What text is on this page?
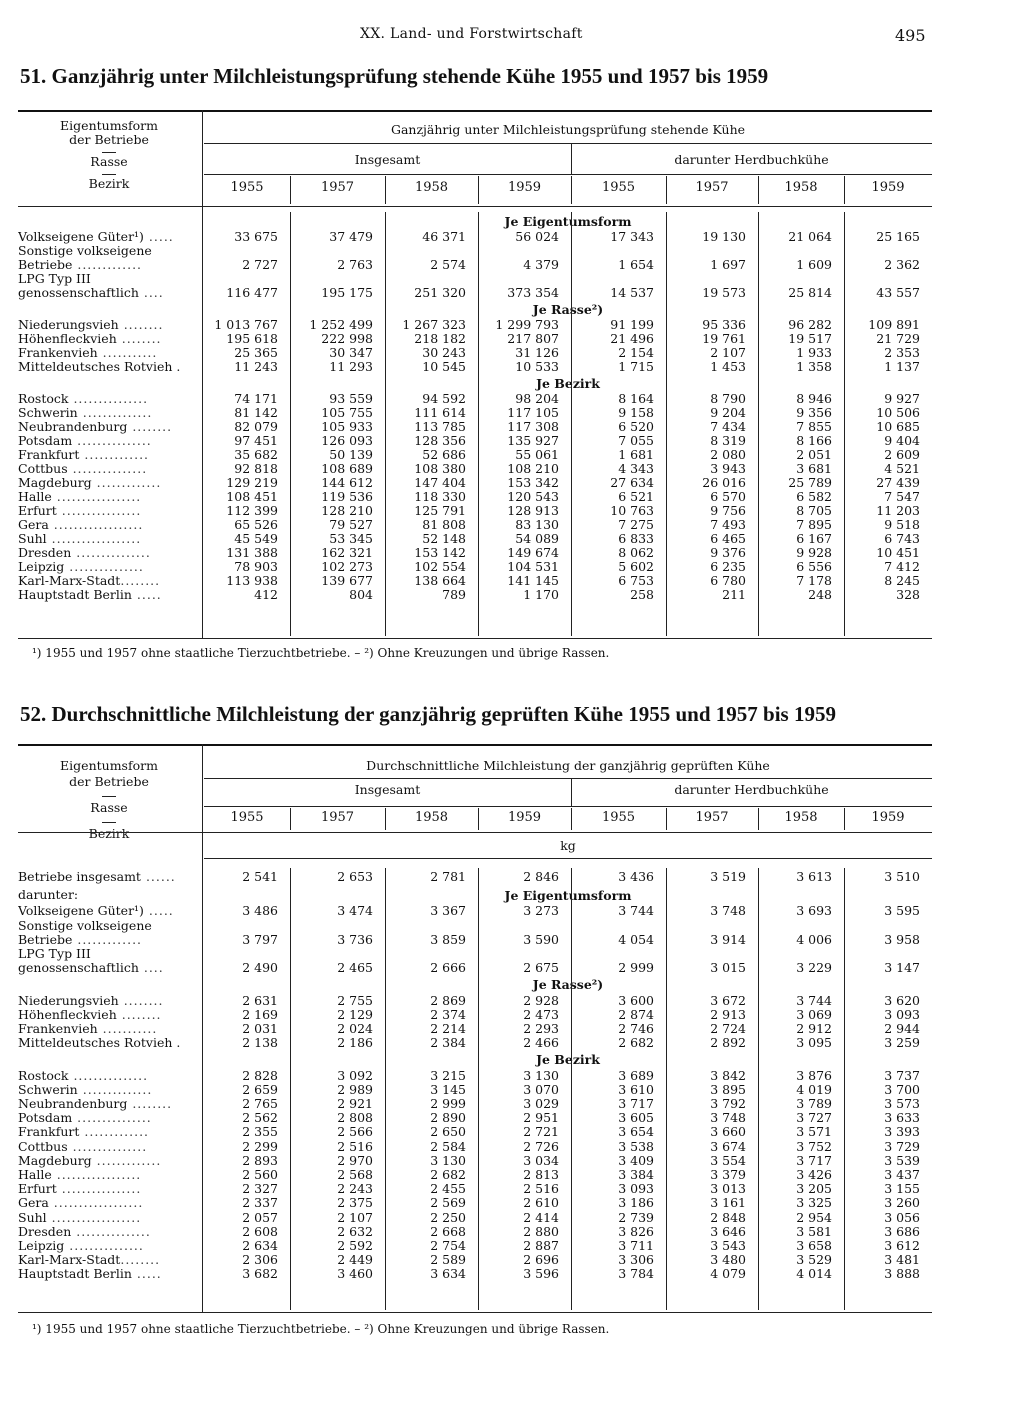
XX. Land- und Forstwirtschaft	495
51. Ganzjährig unter Milchleistungsprüfung stehende Kühe 1955 und 1957 bis 1959
Eigentumsform
der Betriebe
Rasse
Bezirk
Ganzjährig unter Milchleistungsprüfung stehende Kühe
Insgesamt	darunter Herdbuchkühe
1955	1957	1958	1959	1955	1957	1958	1959
Je Eigentumsform
Volkseigene Güter¹) .....	33 675	37 479	46 371	56 024	17 343	19 130	21 064	25 165
Sonstige volkseigene
Betriebe .............	2 727	2 763	2 574	4 379	1 654	1 697	1 609	2 362
LPG Typ III
genossenschaftlich ....	116 477	195 175	251 320	373 354	14 537	19 573	25 814	43 557
Je Rasse²)
Niederungsvieh ........	1 013 767	1 252 499	1 267 323	1 299 793	91 199	95 336	96 282	109 891
Höhenfleckvieh ........	195 618	222 998	218 182	217 807	21 496	19 761	19 517	21 729
Frankenvieh ...........	25 365	30 347	30 243	31 126	2 154	2 107	1 933	2 353
Mitteldeutsches Rotvieh .	11 243	11 293	10 545	10 533	1 715	1 453	1 358	1 137
Je Bezirk
Rostock ...............	74 171	93 559	94 592	98 204	8 164	8 790	8 946	9 927
Schwerin ..............	81 142	105 755	111 614	117 105	9 158	9 204	9 356	10 506
Neubrandenburg ........	82 079	105 933	113 785	117 308	6 520	7 434	7 855	10 685
Potsdam ...............	97 451	126 093	128 356	135 927	7 055	8 319	8 166	9 404
Frankfurt .............	35 682	50 139	52 686	55 061	1 681	2 080	2 051	2 609
Cottbus ...............	92 818	108 689	108 380	108 210	4 343	3 943	3 681	4 521
Magdeburg .............	129 219	144 612	147 404	153 342	27 634	26 016	25 789	27 439
Halle .................	108 451	119 536	118 330	120 543	6 521	6 570	6 582	7 547
Erfurt ................	112 399	128 210	125 791	128 913	10 763	9 756	8 705	11 203
Gera ..................	65 526	79 527	81 808	83 130	7 275	7 493	7 895	9 518
Suhl ..................	45 549	53 345	52 148	54 089	6 833	6 465	6 167	6 743
Dresden ...............	131 388	162 321	153 142	149 674	8 062	9 376	9 928	10 451
Leipzig ...............	78 903	102 273	102 554	104 531	5 602	6 235	6 556	7 412
Karl-Marx-Stadt........	113 938	139 677	138 664	141 145	6 753	6 780	7 178	8 245
Hauptstadt Berlin .....	412	804	789	1 170	258	211	248	328
¹) 1955 und 1957 ohne staatliche Tierzuchtbetriebe. – ²) Ohne Kreuzungen und übrige Rassen.
52. Durchschnittliche Milchleistung der ganzjährig geprüften Kühe 1955 und 1957 bis 1959
Eigentumsform
der Betriebe
Rasse
Bezirk
Durchschnittliche Milchleistung der ganzjährig geprüften Kühe
Insgesamt	darunter Herdbuchkühe
1955	1957	1958	1959	1955	1957	1958	1959
kg
Betriebe insgesamt ......	2 541	2 653	2 781	2 846	3 436	3 519	3 613	3 510
darunter:	Je Eigentumsform
Volkseigene Güter¹) .....	3 486	3 474	3 367	3 273	3 744	3 748	3 693	3 595
Sonstige volkseigene
Betriebe .............	3 797	3 736	3 859	3 590	4 054	3 914	4 006	3 958
LPG Typ III
genossenschaftlich ....	2 490	2 465	2 666	2 675	2 999	3 015	3 229	3 147
Je Rasse²)
Niederungsvieh ........	2 631	2 755	2 869	2 928	3 600	3 672	3 744	3 620
Höhenfleckvieh ........	2 169	2 129	2 374	2 473	2 874	2 913	3 069	3 093
Frankenvieh ...........	2 031	2 024	2 214	2 293	2 746	2 724	2 912	2 944
Mitteldeutsches Rotvieh .	2 138	2 186	2 384	2 466	2 682	2 892	3 095	3 259
Je Bezirk
Rostock ...............	2 828	3 092	3 215	3 130	3 689	3 842	3 876	3 737
Schwerin ..............	2 659	2 989	3 145	3 070	3 610	3 895	4 019	3 700
Neubrandenburg ........	2 765	2 921	2 999	3 029	3 717	3 792	3 789	3 573
Potsdam ...............	2 562	2 808	2 890	2 951	3 605	3 748	3 727	3 633
Frankfurt .............	2 355	2 566	2 650	2 721	3 654	3 660	3 571	3 393
Cottbus ...............	2 299	2 516	2 584	2 726	3 538	3 674	3 752	3 729
Magdeburg .............	2 893	2 970	3 130	3 034	3 409	3 554	3 717	3 539
Halle .................	2 560	2 568	2 682	2 813	3 384	3 379	3 426	3 437
Erfurt ................	2 327	2 243	2 455	2 516	3 093	3 013	3 205	3 155
Gera ..................	2 337	2 375	2 569	2 610	3 186	3 161	3 325	3 260
Suhl ..................	2 057	2 107	2 250	2 414	2 739	2 848	2 954	3 056
Dresden ...............	2 608	2 632	2 668	2 880	3 826	3 646	3 581	3 686
Leipzig ...............	2 634	2 592	2 754	2 887	3 711	3 543	3 658	3 612
Karl-Marx-Stadt........	2 306	2 449	2 589	2 696	3 306	3 480	3 529	3 481
Hauptstadt Berlin .....	3 682	3 460	3 634	3 596	3 784	4 079	4 014	3 888
¹) 1955 und 1957 ohne staatliche Tierzuchtbetriebe. – ²) Ohne Kreuzungen und übrige Rassen.
